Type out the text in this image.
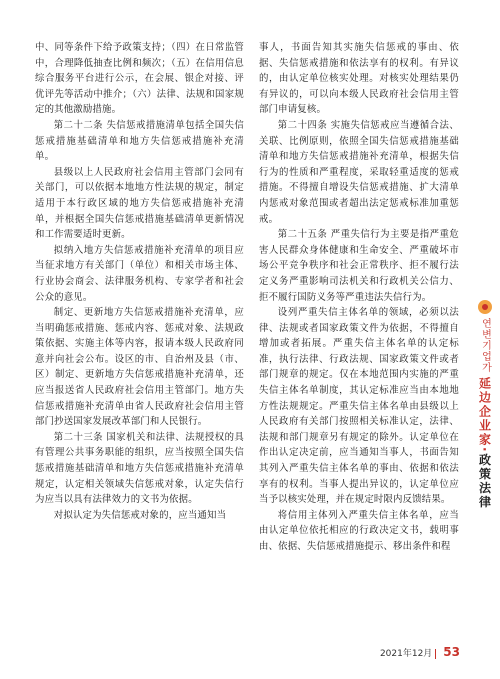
中、同等条件下给予政策支持；（四）在日常监管中，合理降低抽查比例和频次；（五）在信用信息综合服务平台进行公示，在会展、银企对接、评优评先等活动中推介；（六）法律、法规和国家规定的其他激励措施。

第二十二条 失信惩戒措施清单包括全国失信惩戒措施基础清单和地方失信惩戒措施补充清单。

县级以上人民政府社会信用主管部门会同有关部门，可以依据本地地方性法规的规定，制定适用于本行政区域的地方失信惩戒措施补充清单，并根据全国失信惩戒措施基础清单更新情况和工作需要适时更新。

拟纳入地方失信惩戒措施补充清单的项目应当征求地方有关部门（单位）和相关市场主体、行业协会商会、法律服务机构、专家学者和社会公众的意见。

制定、更新地方失信惩戒措施补充清单，应当明确惩戒措施、惩戒内容、惩戒对象、法规政策依据、实施主体等内容，报请本级人民政府同意并向社会公布。设区的市、自治州及县（市、区）制定、更新地方失信惩戒措施补充清单，还应当报送省人民政府社会信用主管部门。地方失信惩戒措施补充清单由省人民政府社会信用主管部门抄送国家发展改革部门和人民银行。

第二十三条 国家机关和法律、法规授权的具有管理公共事务职能的组织，应当按照全国失信惩戒措施基础清单和地方失信惩戒措施补充清单规定，认定相关领域失信惩戒对象，认定失信行为应当以具有法律效力的文书为依据。

对拟认定为失信惩戒对象的，应当通知当

事人，书面告知其实施失信惩戒的事由、依据、失信惩戒措施和依法享有的权利。有异议的，由认定单位核实处理。对核实处理结果仍有异议的，可以向本级人民政府社会信用主管部门申请复核。

第二十四条 实施失信惩戒应当遵循合法、关联、比例原则，依照全国失信惩戒措施基础清单和地方失信惩戒措施补充清单，根据失信行为的性质和严重程度，采取轻重适度的惩戒措施。不得擅自增设失信惩戒措施、扩大清单内惩戒对象范围或者超出法定惩戒标准加重惩戒。

第二十五条 严重失信行为主要是指严重危害人民群众身体健康和生命安全、严重破坏市场公平竞争秩序和社会正常秩序、拒不履行法定义务严重影响司法机关和行政机关公信力、拒不履行国防义务等严重违法失信行为。

设列严重失信主体名单的领域，必须以法律、法规或者国家政策文件为依据，不得擅自增加或者拓展。严重失信主体名单的认定标准，执行法律、行政法规、国家政策文件或者部门规章的规定。仅在本地范围内实施的严重失信主体名单制度，其认定标准应当由本地地方性法规规定。严重失信主体名单由县级以上人民政府有关部门按照相关标准认定，法律、法规和部门规章另有规定的除外。认定单位在作出认定决定前，应当通知当事人，书面告知其列入严重失信主体名单的事由、依据和依法享有的权利。当事人提出异议的，认定单位应当予以核实处理，并在规定时限内反馈结果。

将信用主体列入严重失信主体名单，应当由认定单位依托相应的行政决定文书，载明事由、依据、失信惩戒措施提示、移出条件和程

연변기업가
延边企业家·政策法律
2021年12月 53
